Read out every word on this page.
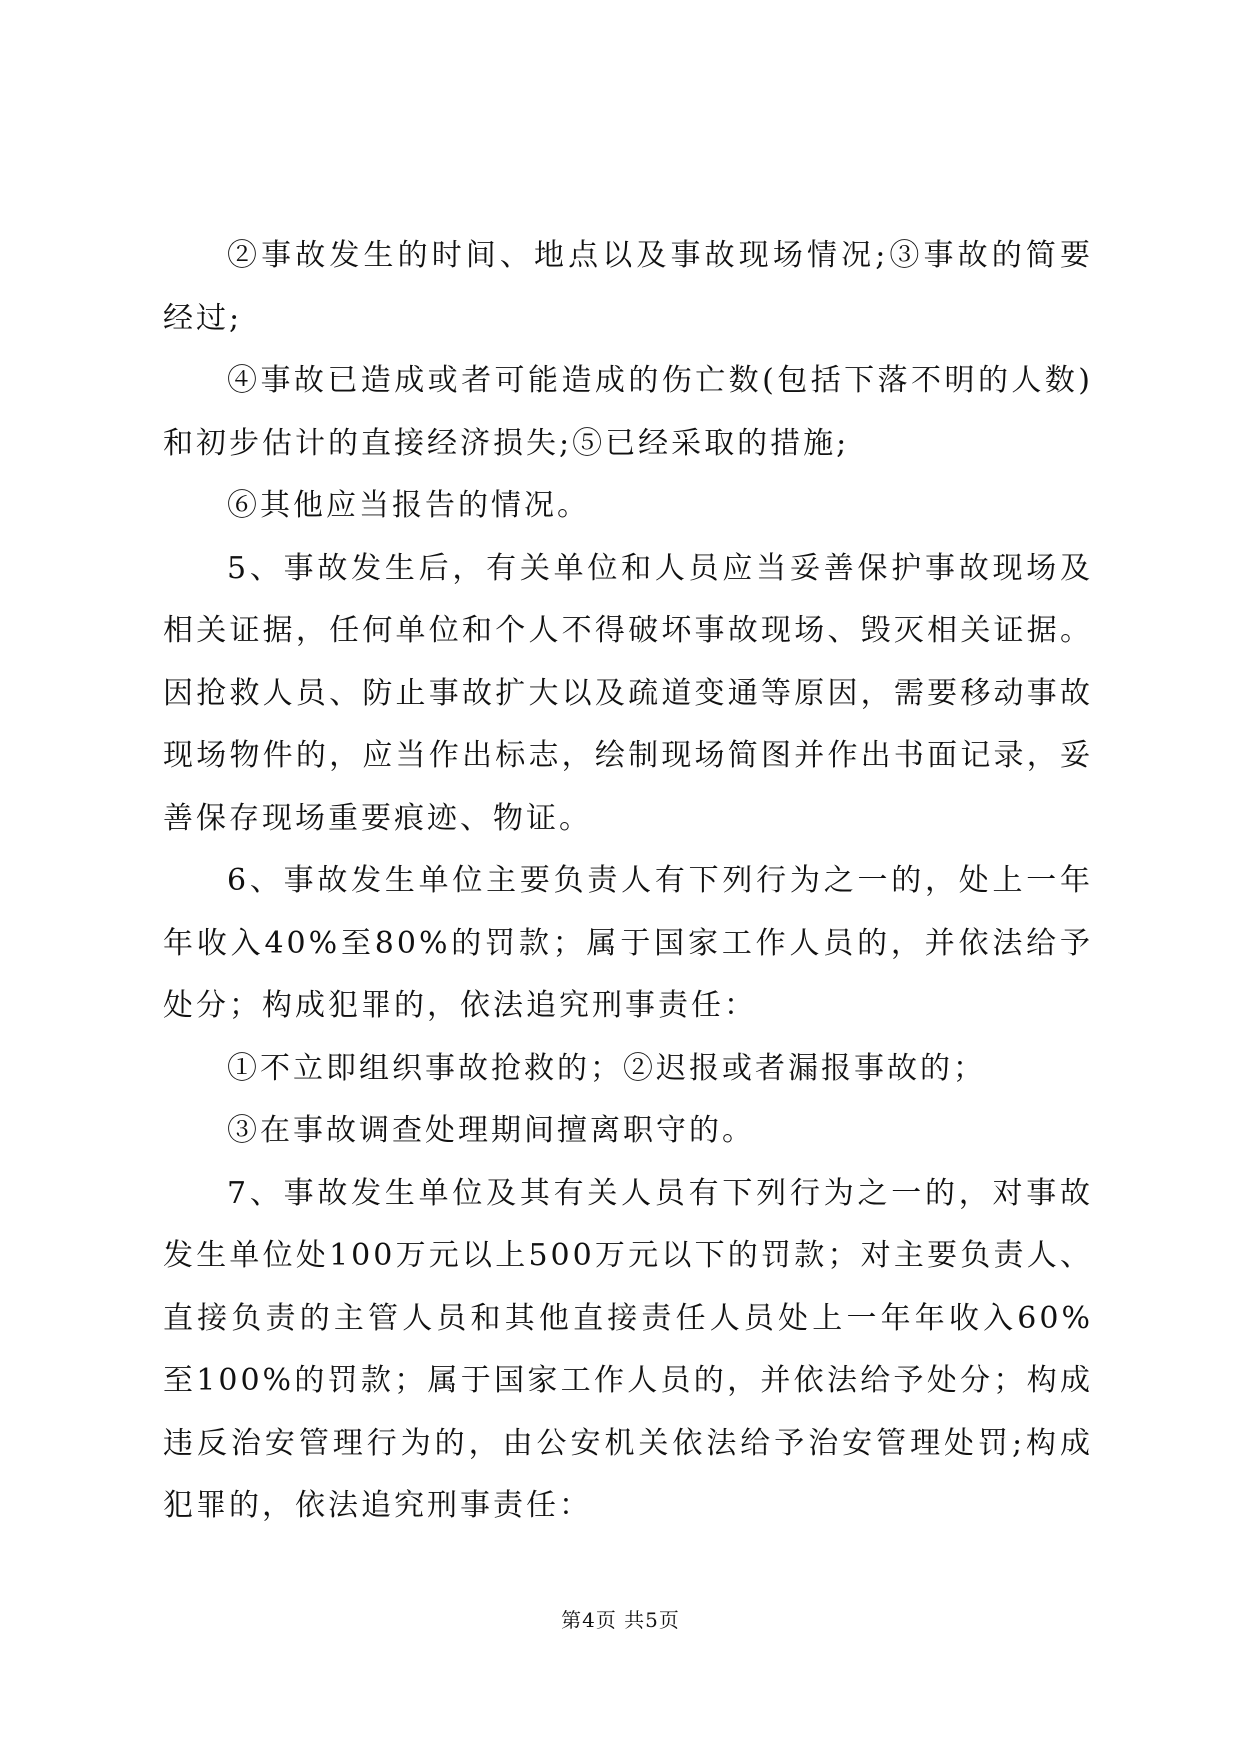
②事故发生的时间、地点以及事故现场情况;③事故的简要经过;

④事故已造成或者可能造成的伤亡数(包括下落不明的人数)和初步估计的直接经济损失;⑤已经采取的措施;

⑥其他应当报告的情况。

5、事故发生后，有关单位和人员应当妥善保护事故现场及相关证据，任何单位和个人不得破坏事故现场、毁灭相关证据。因抢救人员、防止事故扩大以及疏道变通等原因，需要移动事故现场物件的，应当作出标志，绘制现场简图并作出书面记录，妥善保存现场重要痕迹、物证。

6、事故发生单位主要负责人有下列行为之一的，处上一年年收入40%至80%的罚款；属于国家工作人员的，并依法给予处分；构成犯罪的，依法追究刑事责任：

①不立即组织事故抢救的；②迟报或者漏报事故的；

③在事故调查处理期间擅离职守的。

7、事故发生单位及其有关人员有下列行为之一的，对事故发生单位处100万元以上500万元以下的罚款；对主要负责人、直接负责的主管人员和其他直接责任人员处上一年年收入60%至100%的罚款；属于国家工作人员的，并依法给予处分；构成违反治安管理行为的，由公安机关依法给予治安管理处罚;构成犯罪的，依法追究刑事责任：

第4页 共5页
